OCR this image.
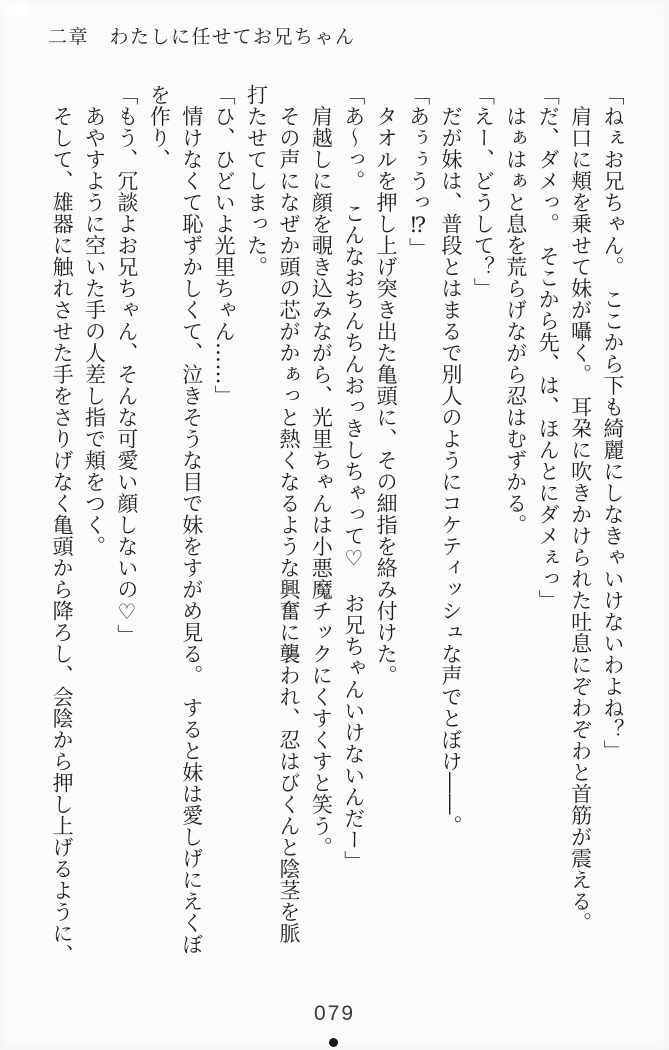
二章　わたしに任せてお兄ちゃん
「ねぇお兄ちゃん。　ここから下も綺麗にしなきゃいけないわよね？」
　肩口に頬を乗せて妹が囁く。　耳朶に吹きかけられた吐息にぞわぞわと首筋が震える。
「だ、ダメっ。　そこから先、は、ほんとにダメぇっ」
　はぁはぁと息を荒らげながら忍はむずかる。
「えー、どうして？」
　だが妹は、普段とはまるで別人のようにコケティッシュな声でとぼけ――。
「あぅぅうっ⁉」
　タオルを押し上げ突き出た亀頭に、その細指を絡み付けた。
「あ〜っ。　こんなおちんちんおっきしちゃって♡　お兄ちゃんいけないんだー」
　肩越しに顔を覗き込みながら、光里ちゃんは小悪魔チックにくすくすと笑う。
　その声になぜか頭の芯がかぁっと熱くなるような興奮に襲われ、忍はびくんと陰茎を脈
打たせてしまった。
「ひ、ひどいよ光里ちゃん……」
　情けなくて恥ずかしくて、泣きそうな目で妹をすがめ見る。　すると妹は愛しげにえくぼ
を作り、
「もう、冗談よお兄ちゃん、そんな可愛い顔しないの♡」
　あやすように空いた手の人差し指で頬をつく。
　そして、雄器に触れさせた手をさりげなく亀頭から降ろし、会陰から押し上げるように、
079
